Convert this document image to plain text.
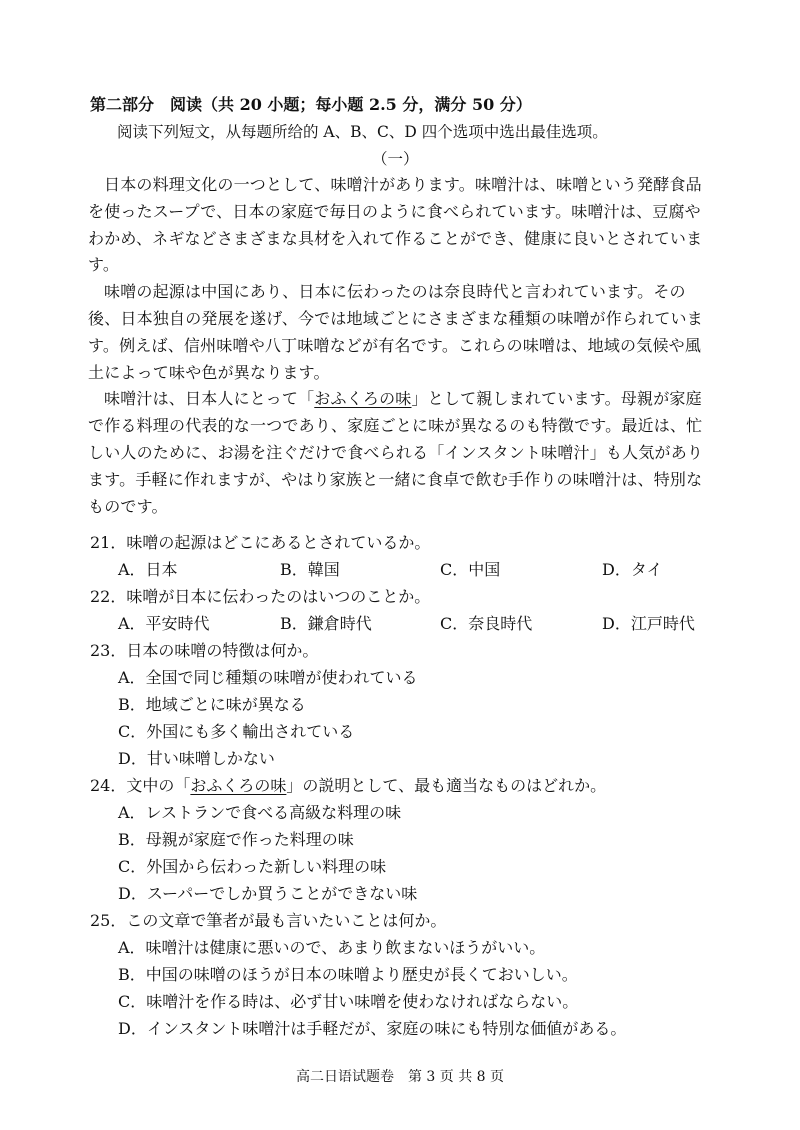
第二部分　阅读（共 20 小题；每小题 2.5 分，满分 50 分）
阅读下列短文，从每题所给的 A、B、C、D 四个选项中选出最佳选项。
（一）

日本の料理文化の一つとして、味噌汁があります。味噌汁は、味噌という発酵食品を使ったスープで、日本の家庭で毎日のように食べられています。味噌汁は、豆腐やわかめ、ネギなどさまざまな具材を入れて作ることができ、健康に良いとされています。

味噌の起源は中国にあり、日本に伝わったのは奈良時代と言われています。その後、日本独自の発展を遂げ、今では地域ごとにさまざまな種類の味噌が作られています。例えば、信州味噌や八丁味噌などが有名です。これらの味噌は、地域の気候や風土によって味や色が異なります。

味噌汁は、日本人にとって「おふくろの味」として親しまれています。母親が家庭で作る料理の代表的な一つであり、家庭ごとに味が異なるのも特徴です。最近は、忙しい人のために、お湯を注ぐだけで食べられる「インスタント味噌汁」も人気があります。手軽に作れますが、やはり家族と一緒に食卓で飲む手作りの味噌汁は、特別なものです。

21．味噌の起源はどこにあるとされているか。
A．日本	B．韓国	C．中国	D．タイ
22．味噌が日本に伝わったのはいつのことか。
A．平安時代	B．鎌倉時代	C．奈良時代	D．江戸時代
23．日本の味噌の特徴は何か。
A．全国で同じ種類の味噌が使われている
B．地域ごとに味が異なる
C．外国にも多く輸出されている
D．甘い味噌しかない
24．文中の「おふくろの味」の説明として、最も適当なものはどれか。
A．レストランで食べる高級な料理の味
B．母親が家庭で作った料理の味
C．外国から伝わった新しい料理の味
D．スーパーでしか買うことができない味
25．この文章で筆者が最も言いたいことは何か。
A．味噌汁は健康に悪いので、あまり飲まないほうがいい。
B．中国の味噌のほうが日本の味噌より歴史が長くておいしい。
C．味噌汁を作る時は、必ず甘い味噌を使わなければならない。
D．インスタント味噌汁は手軽だが、家庭の味にも特別な価値がある。
高二日语试题卷　第 3 页 共 8 页
